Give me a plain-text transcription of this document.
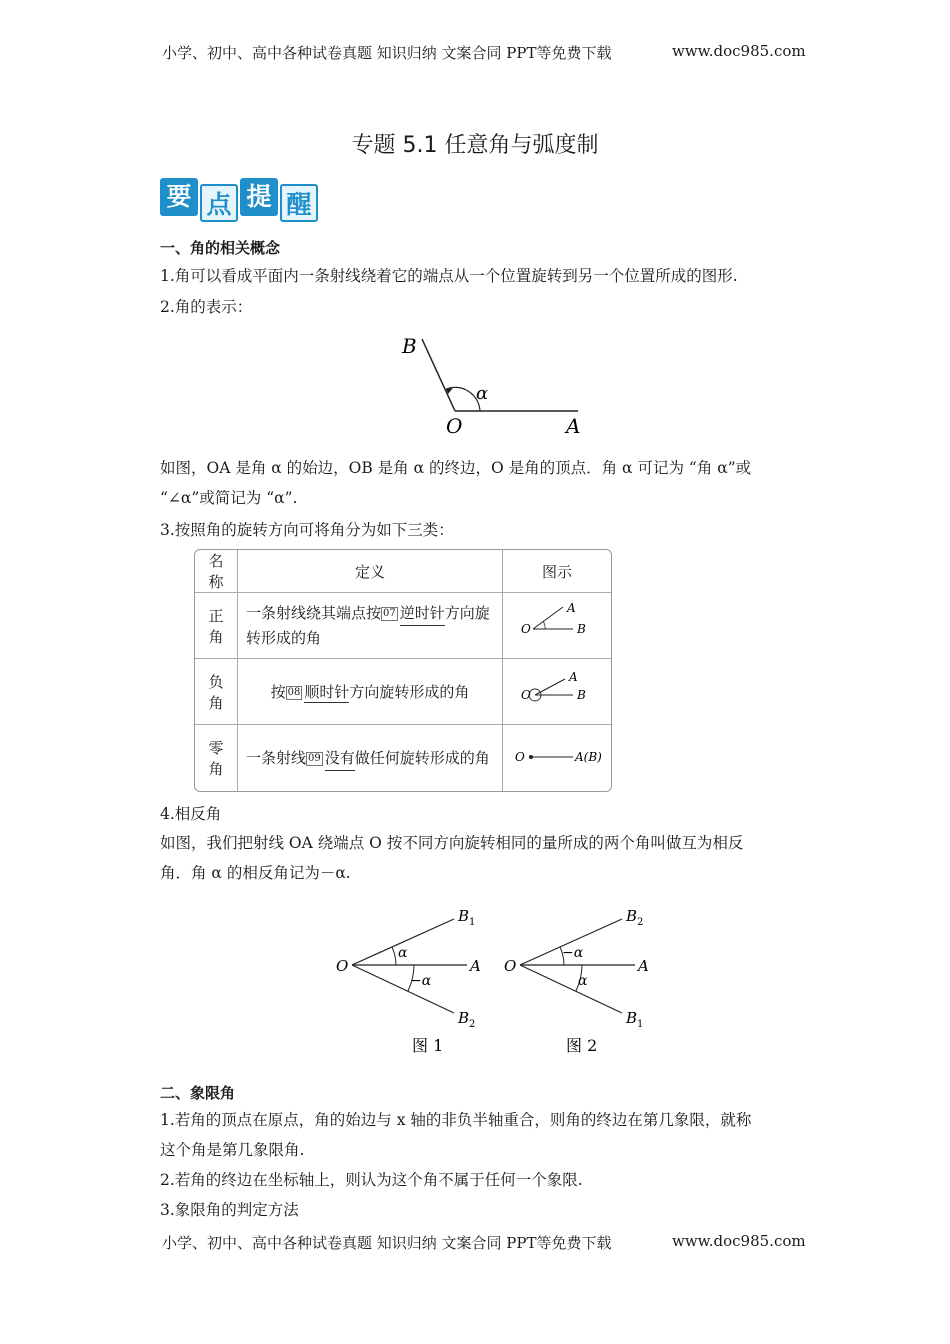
小学、初中、高中各种试卷真题 知识归纳 文案合同 PPT等免费下载	www.doc985.com
专题 5.1 任意角与弧度制
要 点 提 醒
一、角的相关概念
1.角可以看成平面内一条射线绕着它的端点从一个位置旋转到另一个位置所成的图形.
2.角的表示：
B
O	A
α
如图，OA 是角 α 的始边，OB 是角 α 的终边，O 是角的顶点．角 α 可记为 “角 α”或
“∠α”或简记为 “α”.
3.按照角的旋转方向可将角分为如下三类：
名称	定义	图示
正角	一条射线绕其端点按 07 逆时针方向旋转形成的角	O
A
B

负角	按 08 顺时针方向旋转形成的角	O
A
B

零角	一条射线 09 没有做任何旋转形成的角	O A(B)
4.相反角
如图，我们把射线 OA 绕端点 O 按不同方向旋转相同的量所成的两个角叫做互为相反
角．角 α 的相反角记为－α.
O	A
B 1
B 2
α
−α
图 1
O	A
B 2
B 1
−α
α
图 2
二、象限角
1.若角的顶点在原点，角的始边与 x 轴的非负半轴重合，则角的终边在第几象限，就称
这个角是第几象限角.
2.若角的终边在坐标轴上，则认为这个角不属于任何一个象限.
3.象限角的判定方法
小学、初中、高中各种试卷真题 知识归纳 文案合同 PPT等免费下载	www.doc985.com
